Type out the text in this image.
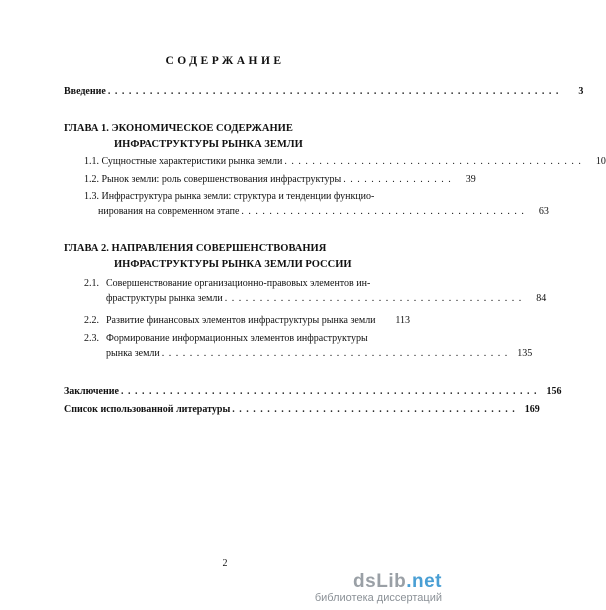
СОДЕРЖАНИЕ
Введение . . . . . . . . . . . . . . . . . . . . . . . . . . . . . . . . . . . . . . . . . . . . . . . . . . . . . . . . . . . . . . . . .	3
ГЛАВА 1. ЭКОНОМИЧЕСКОЕ СОДЕРЖАНИЕ
ИНФРАСТРУКТУРЫ РЫНКА ЗЕМЛИ
1.1. Сущностные характеристики рынка земли . . . . . . . . . . . . . . . . . . . . . . . . . . . . . . . . . . . . . . . . . . .	10
1.2. Рынок земли: роль совершенствования инфраструктуры . . . . . . . . . . . . . . . .	39
1.3. Инфраструктура рынка земли: структура и тенденции функцио-
нирования на современном этапе . . . . . . . . . . . . . . . . . . . . . . . . . . . . . . . . . . . . . . . . .	63
ГЛАВА 2. НАПРАВЛЕНИЯ СОВЕРШЕНСТВОВАНИЯ
ИНФРАСТРУКТУРЫ РЫНКА ЗЕМЛИ РОССИИ
2.1. Совершенствование организационно-правовых элементов ин-
фраструктуры рынка земли . . . . . . . . . . . . . . . . . . . . . . . . . . . . . . . . . . . . . . . . . . .	84
2.2. Развитие финансовых элементов инфраструктуры рынка земли	113
2.3. Формирование информационных элементов инфраструктуры
рынка земли . . . . . . . . . . . . . . . . . . . . . . . . . . . . . . . . . . . . . . . . . . . . . . . . . . 135
Заключение . . . . . . . . . . . . . . . . . . . . . . . . . . . . . . . . . . . . . . . . . . . . . . . . . . . . . . . . . . . . 156
Список использованной литературы . . . . . . . . . . . . . . . . . . . . . . . . . . . . . . . . . . . . . . . . . 169
2
dsLib.net
библиотека диссертаций
